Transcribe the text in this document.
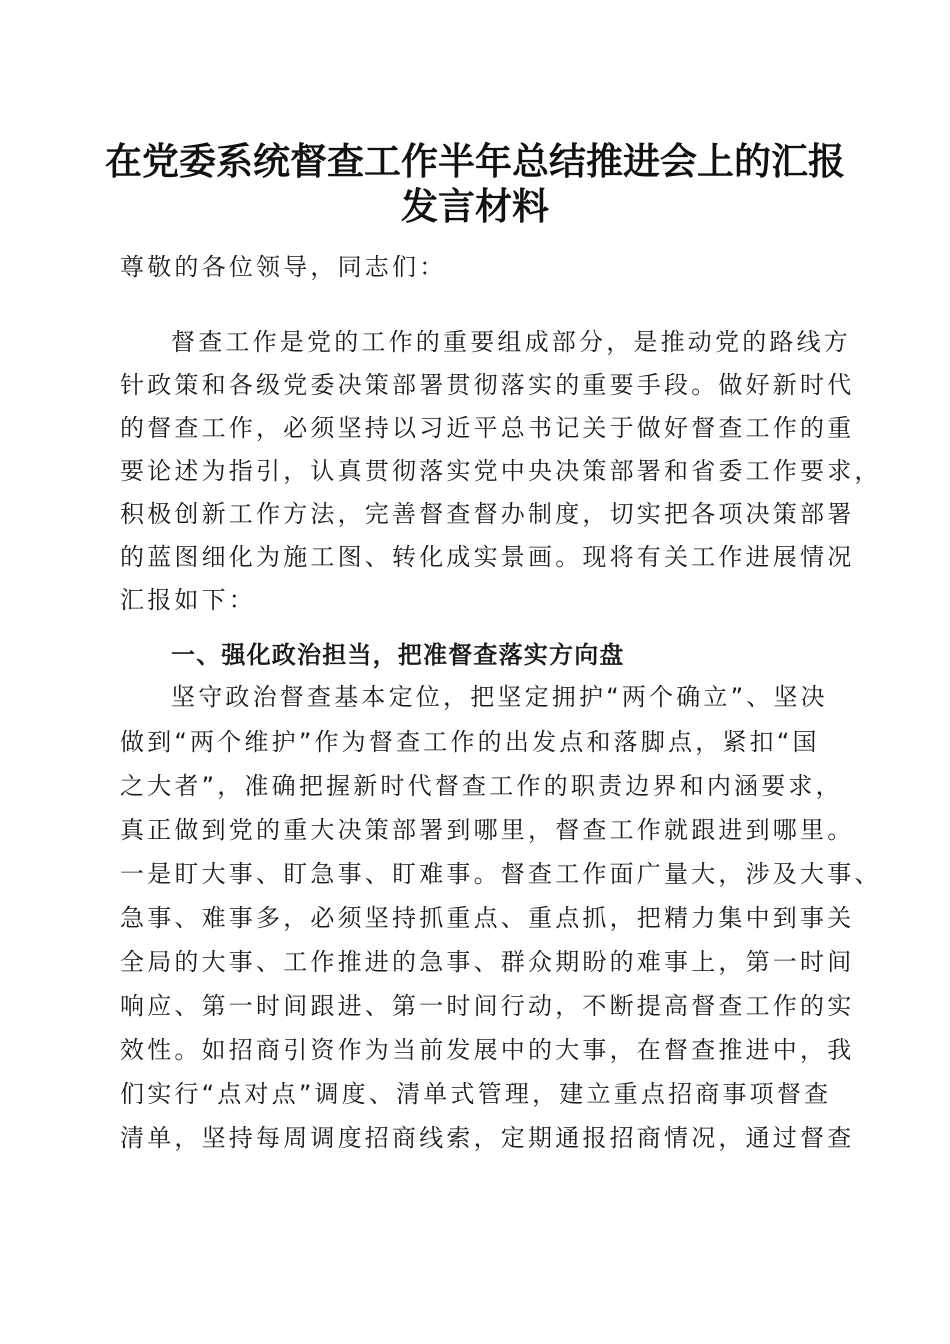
在党委系统督查工作半年总结推进会上的汇报
发言材料
尊敬的各位领导，同志们：
督查工作是党的工作的重要组成部分，是推动党的路线方
针政策和各级党委决策部署贯彻落实的重要手段。做好新时代
的督查工作，必须坚持以习近平总书记关于做好督查工作的重
要论述为指引，认真贯彻落实党中央决策部署和省委工作要求，
积极创新工作方法，完善督查督办制度，切实把各项决策部署
的蓝图细化为施工图、转化成实景画。现将有关工作进展情况
汇报如下：
一、强化政治担当，把准督查落实方向盘
坚守政治督查基本定位，把坚定拥护“两个确立”、坚决
做到“两个维护”作为督查工作的出发点和落脚点，紧扣“国
之大者”，准确把握新时代督查工作的职责边界和内涵要求，
真正做到党的重大决策部署到哪里，督查工作就跟进到哪里。
一是盯大事、盯急事、盯难事。督查工作面广量大，涉及大事、
急事、难事多，必须坚持抓重点、重点抓，把精力集中到事关
全局的大事、工作推进的急事、群众期盼的难事上，第一时间
响应、第一时间跟进、第一时间行动，不断提高督查工作的实
效性。如招商引资作为当前发展中的大事，在督查推进中，我
们实行“点对点”调度、清单式管理，建立重点招商事项督查
清单，坚持每周调度招商线索，定期通报招商情况，通过督查
